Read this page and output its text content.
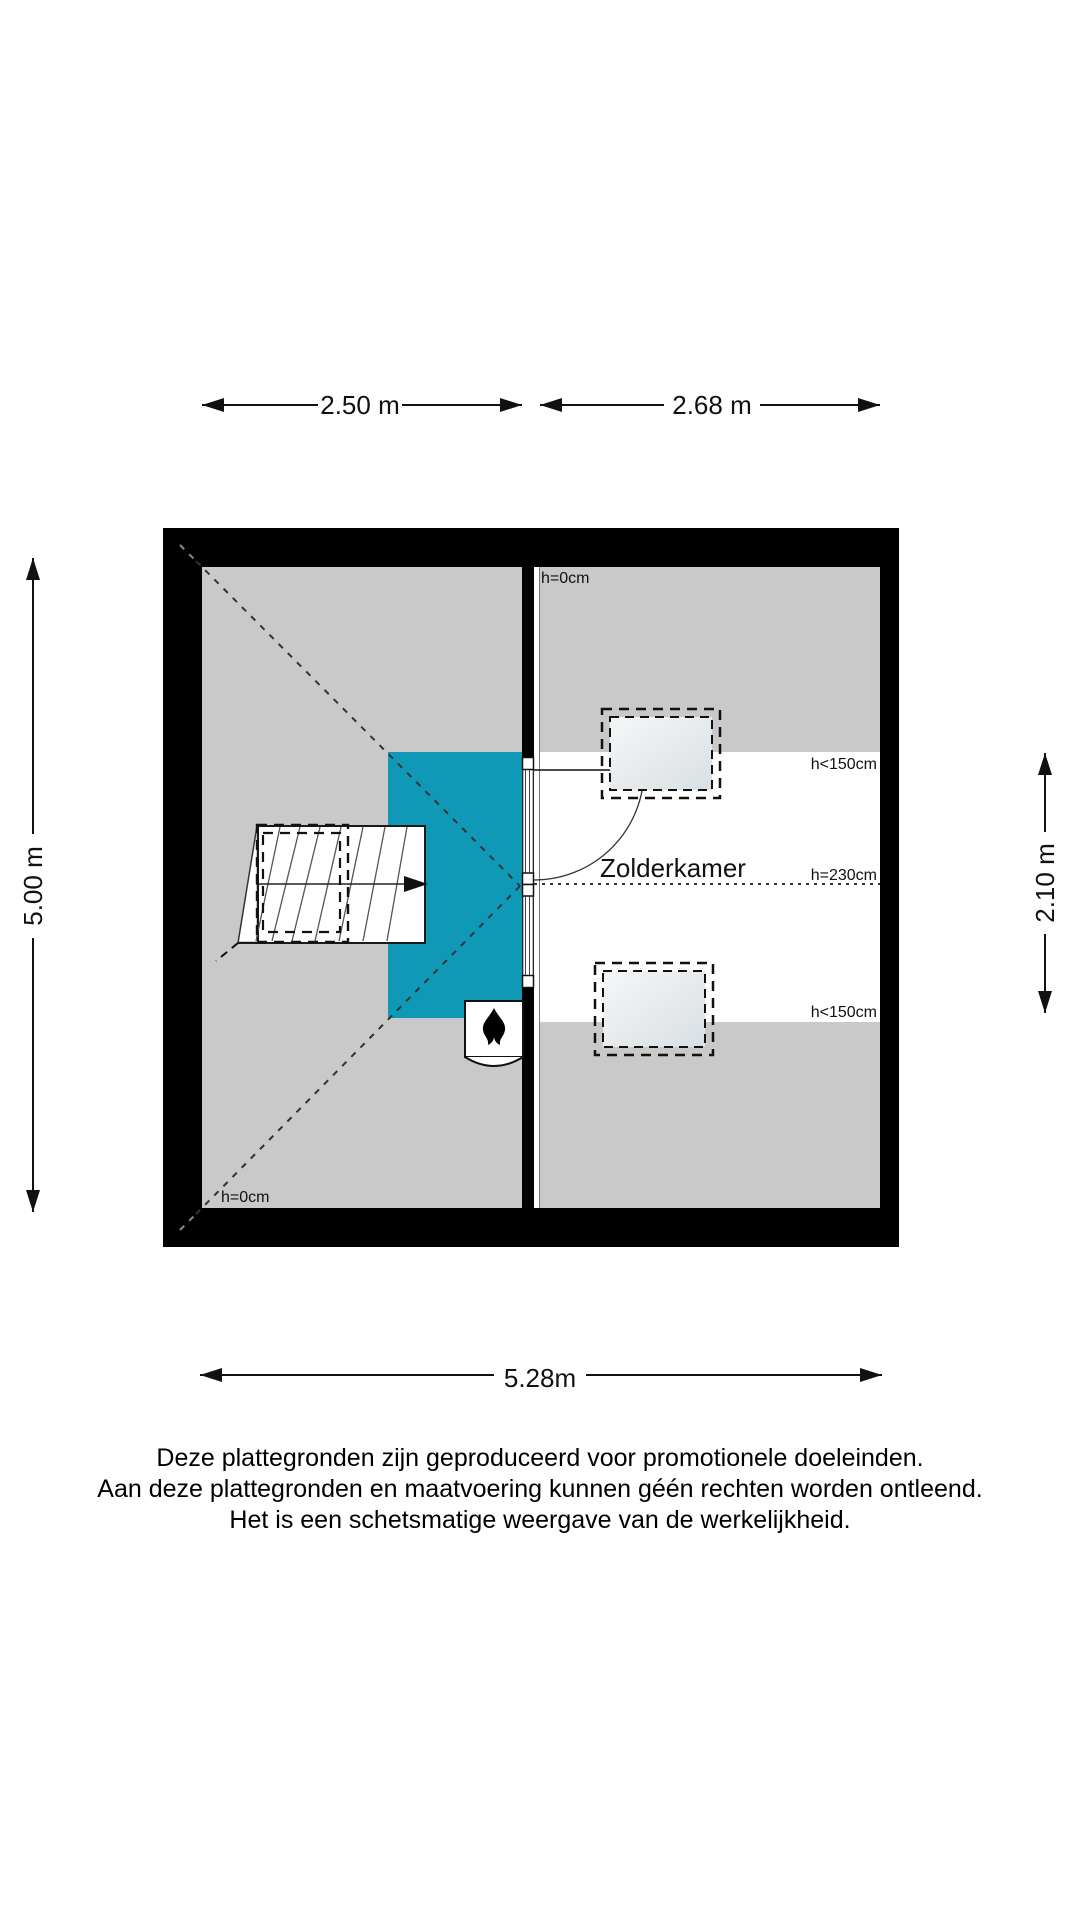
h=0cm
h=0cm
h<150cm
h=230cm
h<150cm
Zolderkamer
2.50 m	2.68 m
5.28m
5.00 m	2.10 m
Deze plattegronden zijn geproduceerd voor promotionele doeleinden.
Aan deze plattegronden en maatvoering kunnen géén rechten worden ontleend.
Het is een schetsmatige weergave van de werkelijkheid.
